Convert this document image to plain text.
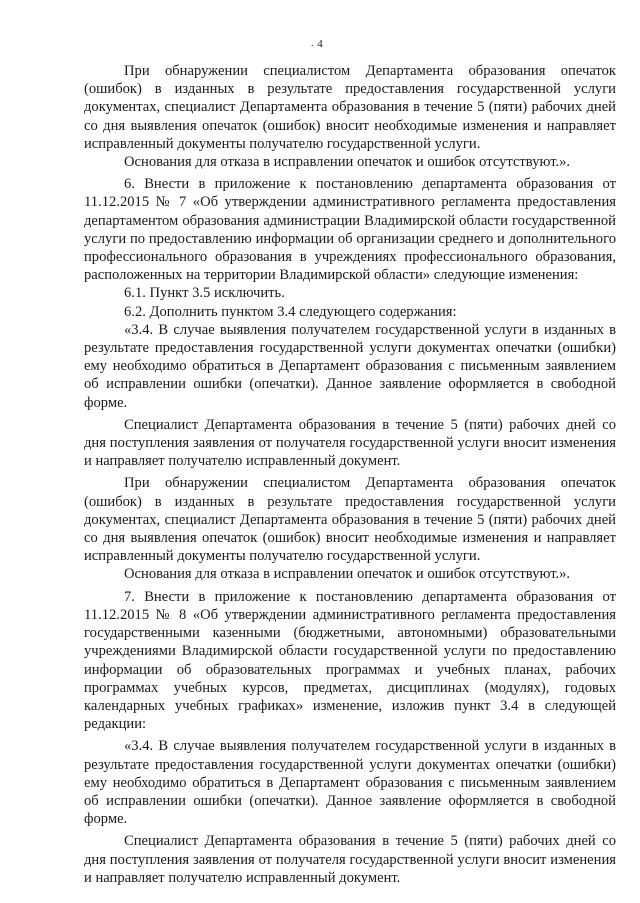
. 4

При обнаружении специалистом Департамента образования опечаток (ошибок) в изданных в результате предоставления государственной услуги документах, специалист Департамента образования в течение 5 (пяти) рабочих дней со дня выявления опечаток (ошибок) вносит необходимые изменения и направляет исправленный документы получателю государственной услуги.

Основания для отказа в исправлении опечаток и ошибок отсутствуют.».

6. Внести в приложение к постановлению департамента образования от 11.12.2015 № 7 «Об утверждении административного регламента предоставления департаментом образования администрации Владимирской области государственной услуги по предоставлению информации об организации среднего и дополнительного профессионального образования в учреждениях профессионального образования, расположенных на территории Владимирской области» следующие изменения:

6.1. Пункт 3.5 исключить.

6.2. Дополнить пунктом 3.4 следующего содержания:

«3.4. В случае выявления получателем государственной услуги в изданных в результате предоставления государственной услуги документах опечатки (ошибки) ему необходимо обратиться в Департамент образования с письменным заявлением об исправлении ошибки (опечатки). Данное заявление оформляется в свободной форме.

Специалист Департамента образования в течение 5 (пяти) рабочих дней со дня поступления заявления от получателя государственной услуги вносит изменения и направляет получателю исправленный документ.

При обнаружении специалистом Департамента образования опечаток (ошибок) в изданных в результате предоставления государственной услуги документах, специалист Департамента образования в течение 5 (пяти) рабочих дней со дня выявления опечаток (ошибок) вносит необходимые изменения и направляет исправленный документы получателю государственной услуги.

Основания для отказа в исправлении опечаток и ошибок отсутствуют.».

7. Внести в приложение к постановлению департамента образования от 11.12.2015 № 8 «Об утверждении административного регламента предоставления государственными казенными (бюджетными, автономными) образовательными учреждениями Владимирской области государственной услуги по предоставлению информации об образовательных программах и учебных планах, рабочих программах учебных курсов, предметах, дисциплинах (модулях), годовых календарных учебных графиках» изменение, изложив пункт 3.4 в следующей редакции:

«3.4. В случае выявления получателем государственной услуги в изданных в результате предоставления государственной услуги документах опечатки (ошибки) ему необходимо обратиться в Департамент образования с письменным заявлением об исправлении ошибки (опечатки). Данное заявление оформляется в свободной форме.

Специалист Департамента образования в течение 5 (пяти) рабочих дней со дня поступления заявления от получателя государственной услуги вносит изменения и направляет получателю исправленный документ.
